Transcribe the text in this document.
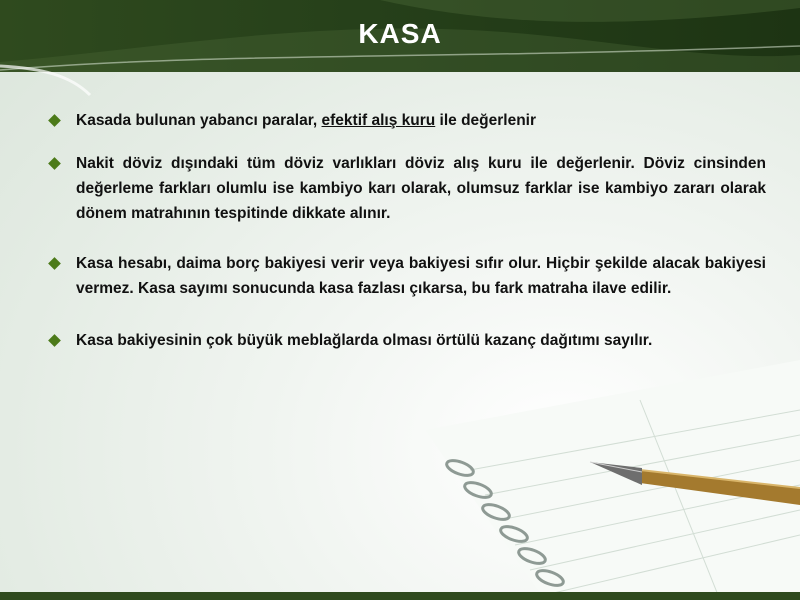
KASA
Kasada bulunan yabancı paralar, efektif alış kuru ile değerlenir
Nakit döviz dışındaki tüm döviz varlıkları döviz alış kuru ile değerlenir. Döviz cinsinden değerleme farkları olumlu ise kambiyo karı olarak, olumsuz farklar ise kambiyo zararı olarak dönem matrahının tespitinde dikkate alınır.
Kasa hesabı, daima borç bakiyesi verir veya bakiyesi sıfır olur. Hiçbir şekilde alacak bakiyesi vermez. Kasa sayımı sonucunda kasa fazlası çıkarsa, bu fark matraha ilave edilir.
Kasa bakiyesinin çok büyük meblağlarda olması örtülü kazanç dağıtımı sayılır.
